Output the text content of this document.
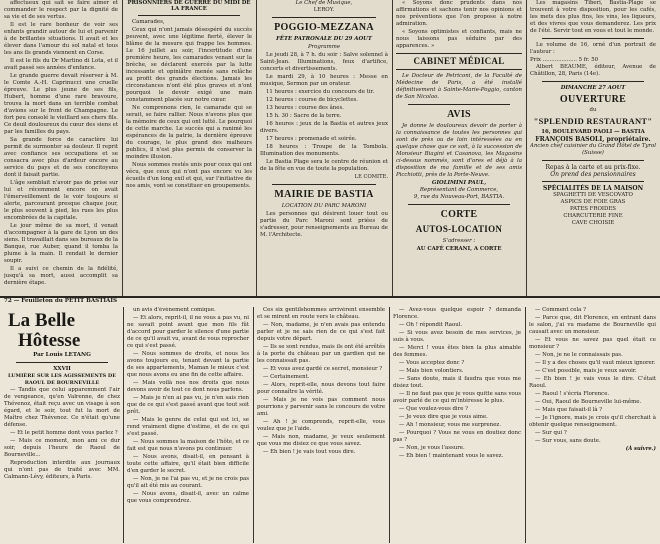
affectueux qui sait se faire aimer et commander le respect par la dignité de sa vie et de ses vertus.

Il est le rare bonheur de voir ses enfants grandir autour de lui et parvenir à de brillantes situations. Il avait et les élever dans l'amour du sol natal et tous les ans ils grands viennent en Corse.

Il est le fils du Dr Martino di Lota, et il avait passé ses années d'enfance.

Le grande guerre devait réserver à M. le Comte A.-H. Caprinucci une cruelle épreuve. Le plus jeune de ses fils, Hubert, homme d'une rare bravoure, trouva la mort dans un terrible combat d'avions sur le front de Champagne. Le fort peu consolé le vieillard ses chers fils. Ce deuil douloureux du cœur des siens et par les familles du pays.

Sa grande force de caractère lui permit de surmonter sa douleur. Il reprit avec confiance ses occupations et se consacra avec plus d'ardeur encore au service du pays et de ses concitoyens dont il faisait partie.

L'âge semblait n'avoir pas de prise sur lui et récemment encore on avait l'émerveillement de le voir toujours si alerte, parcourant presque chaque jour, le plus souvent à pied, les rues les plus encombrées de la capitale.

Le jour même de sa mort, il venait d'accompagner à la gare de Lyon un des siens. Il travaillait dans ses bureaux de la Banque, rue Auber, quand il tomba la plume à la main. Il rendait le dernier soupir.

Il a suivi ce chemin de la fidélité, jusqu'à sa mort, aussi accomplit sa dernière étape.

PRISONNIERS DE GUERRE DU MIDI DE LA FRANCE

Camarades,

Ceux qui n'ont jamais désespéré du succès peuvent, avec une légitime fierté, élever le blâme de la mesure qui frappe les hommes. Le 16 juillet au soir, l'incertitude d'une première heure, les camarades venant sur la brèche, se déclarent exercés par la lutte incessante et opiniâtre menée sans relâche au profit des grands élections. Jamais les circonstances n'ont été plus graves et n'ont pourquoi le devoir exigé une main constamment placée sur notre cœur.

Ne comprenons rien, le camarade qui se serait, se faire rallier. Nous n'avons plus que la mémoire de ceux qui ont lutté. Le pourquoi de cette marche. Le succès qui a ranimé les espérances de la patrie, la dernière épreuve du courage, le plus grand des malheurs publics, il n'est plus permis de conserver la moindre illusion.

Nous sommes restés unis pour ceux qui ont vécu, que ceux qui n'ont pas encore vu les écueils d'un long exil et qui, sur l'initiative de nos amis, vont se constituer en groupements.

Le Chef de Musique,
LEROY.
POGGIO-MEZZANA
FÊTE PATRONALE DU 29 AOUT
Programme

Le jeudi 28, à 7 h. du soir : Salve solennel à Saint-Jean. Illuminations, feux d'artifice, concerts et divertissements.

Le mardi 29, à 10 heures : Messe en musique, Sermon par un orateur.

11 heures : exercice du concours de tir.

12 heures : course de bicyclettes.

13 heures : course des ânes.

15 h. 30 : Sacre de la terre.

16 heures : jeux de la Bastia et autres jeux divers.

17 heures : promenade et soirée.

18 heures : Troupe de la Tombola. Illumination des monuments.

Le Bastia Plage sera le centre de réunion et de la fête en vue de toute la population.

LE COMITE.
MAIRIE DE BASTIA
LOCATION DU PARC MARONI

Les personnes qui désirent louer tout ou partie du Parc Maroni sont priées de s'adresser, pour renseignements au Bureau de M. l'Architecte.

« Soyons donc prudents dans nos affirmations et sachons tenir nos opinions et nos préventions que l'on propose à notre admiration.

« Soyons optimistes et confiants, mais ne nous laissons pas séduire par des apparences. »

CABINET MÉDICAL

Le Docteur de Petriconi, de la Faculté de Médecine de Paris, a été installé définitivement à Sainte-Marie-Poggio, canton de San Nicolao.

AVIS

Je donne le douloureux devoir de porter à la connaissance de toutes les personnes qui sont de près ou de loin intéressées ou en quelque chose que ce soit, à la succession de Monsieur Biagini et Casanova, les Magasins ci-dessus nommés, sont d'ores et déjà à la disposition de ma famille et de ses amis Picchiotti, près de la Porte-Neuve.

GIOLIMINI PAUL,
Représentant de Commerce,
9, rue du Nouveau-Port, BASTIA.
CORTE
AUTOS-LOCATION
S'adresser :
AU CAFÉ CERANI, A CORTE

Les magasins Tiberi, Bastia-Plage se trouvent à votre disposition, pour les cafés, les mets des plus fins, les vins, les liqueurs, et des vivres que vous demanderez. Les prix de l'été. Servir tout en vous et tout le monde.

Le volume de 16, orné d'un portrait de l'auteur :

Prix .................... 5 fr. 50

Albert BEAUME, éditeur, Avenue de Châtillon, 28, Paris (14e).

DIMANCHE 27 AOUT
OUVERTURE
du
"SPLENDID RESTAURANT"
16, BOULEVARD PAOLI — BASTIA
FRANÇOIS BASOLI, propriétaire.
Ancien chef cuisinier du Grand Hôtel de Tyrol (Suisse)
Repas à la carte et au prix-fixe.
On prend des pensionnaires
SPÉCIALITÉS DE LA MAISON
SPAGHETTI DE VESCOVATO
ASPICS DE FOIE GRAS
PATES FROIDES
CHARCUTERIE FINE
CAVE CHOISIE
72 — Feuilleton du PETIT BASTIAIS
La Belle
Hôtesse
Par Louis LETANG
XXVII
LUMIÈRE SUR LES AGISSEMENTS DE RAOUL DE BOURNEVILLE

— Tandis que celui apparemment l'air de vengeance, qu'en Valrenne, de chez Thévenoz, était reçu avec un visage à son égard, et le soir, tout fut la mort de Maître chez Thévenoz. Ce n'était qu'une défense.

— Et le petit homme dont vous parlez ?

— Mais ce moment, mon ami ce dur soir, depuis l'heure de Raoul de Bourneville...

Reproduction interdite aux journaux qui n'ont pas de traité avec MM. Calmann-Lévy, éditeurs, à Paris.

un avis d'événement comique.

— Et alors, reprit-il, il ne vous a pas vu, ni ne savait point avant que mon fils fût d'accord pour garder le silence d'une partie de ce qu'il avait vu, avant de vous reprocher ce qui s'est passé.

— Nous sommes de droits, et nous les avons toujours eu, tenant devant la partie de ses appartements, Maman le mieux c'est que nous avons eu une fin de cette affaire.

— Mais voilà nos nos droits que nous devons avoir de tout ce dont nous parlons.

— Mais je n'en ai pas vu, je n'en sais rien que de ce qui s'est passé avant que tout soit prêt.

— Mais le genre de celui qui est ici, se rend vraiment digne d'estime, et de ce qui s'est passé.

— Nous sommes la maison de l'hôte, et ce fait est que nous n'avons pu continuer.

— Nous avons, disait-il, en pensant à toute cette affaire, qu'il était bien difficile d'en garder le secret.

— Non, je ne l'ai pas vu, et je ne crois pas qu'il ait été mis au courant.

— Nous avons, disait-il, avec un calme que vous comprendrez.

Ces six gentilshommes arrivèrent ensemble et se mirent en route vers le château.

— Non, madame, je n'en avais pas entendu parler et je ne sais rien de ce qui s'est fait depuis votre départ.

— Ils se sont rendus, mais ils ont été arrêtés à la porte du château par un gardien qui ne les connaissait pas.

— Et vous avez gardé ce secret, monsieur ?

— Certainement.

— Alors, reprit-elle, nous devons tout faire pour connaître la vérité.

— Mais je ne vois pas comment nous pourrions y parvenir sans le concours de votre ami.

— Ah ! je comprends, reprit-elle, vous voulez que je l'aide.

— Mais non, madame, je veux seulement que vous me disiez ce que vous savez.

— Eh bien ! je vais tout vous dire.

— Avez-vous quelque espoir ? demanda Florence.

— Oh ! répondit Raoul.

— Si vous avez besoin de mes services, je suis à vous.

— Merci ! vous êtes bien la plus aimable des femmes.

— Vous acceptez donc ?

— Mais bien volontiers.

— Sans doute, mais il faudra que vous me disiez tout.

— Il ne faut pas que je vous quitte sans vous avoir parlé de ce qui m'intéresse le plus.

— Que voulez-vous dire ?

— Je veux dire que je vous aime.

— Ah ! monsieur, vous me surprenez.

— Pourquoi ? Vous ne vous en doutiez donc pas ?

— Non, je vous l'assure.

— Eh bien ! maintenant vous le savez.

— Comment cela ?

— Parce que, dit Florence, en entrant dans le salon, j'ai vu madame de Bourneville qui causait avec un monsieur.

— Et vous ne savez pas quel était ce monsieur ?

— Non, je ne le connaissais pas.

— Il y a des choses qu'il vaut mieux ignorer.

— C'est possible, mais je veux savoir.

— Eh bien ! je vais vous le dire. C'était Raoul.

— Raoul ! s'écria Florence.

— Oui, Raoul de Bourneville lui-même.

— Mais que faisait-il là ?

— Je l'ignore, mais je crois qu'il cherchait à obtenir quelque renseignement.

— Sur qui ?

— Sur vous, sans doute.

(À suivre.)
